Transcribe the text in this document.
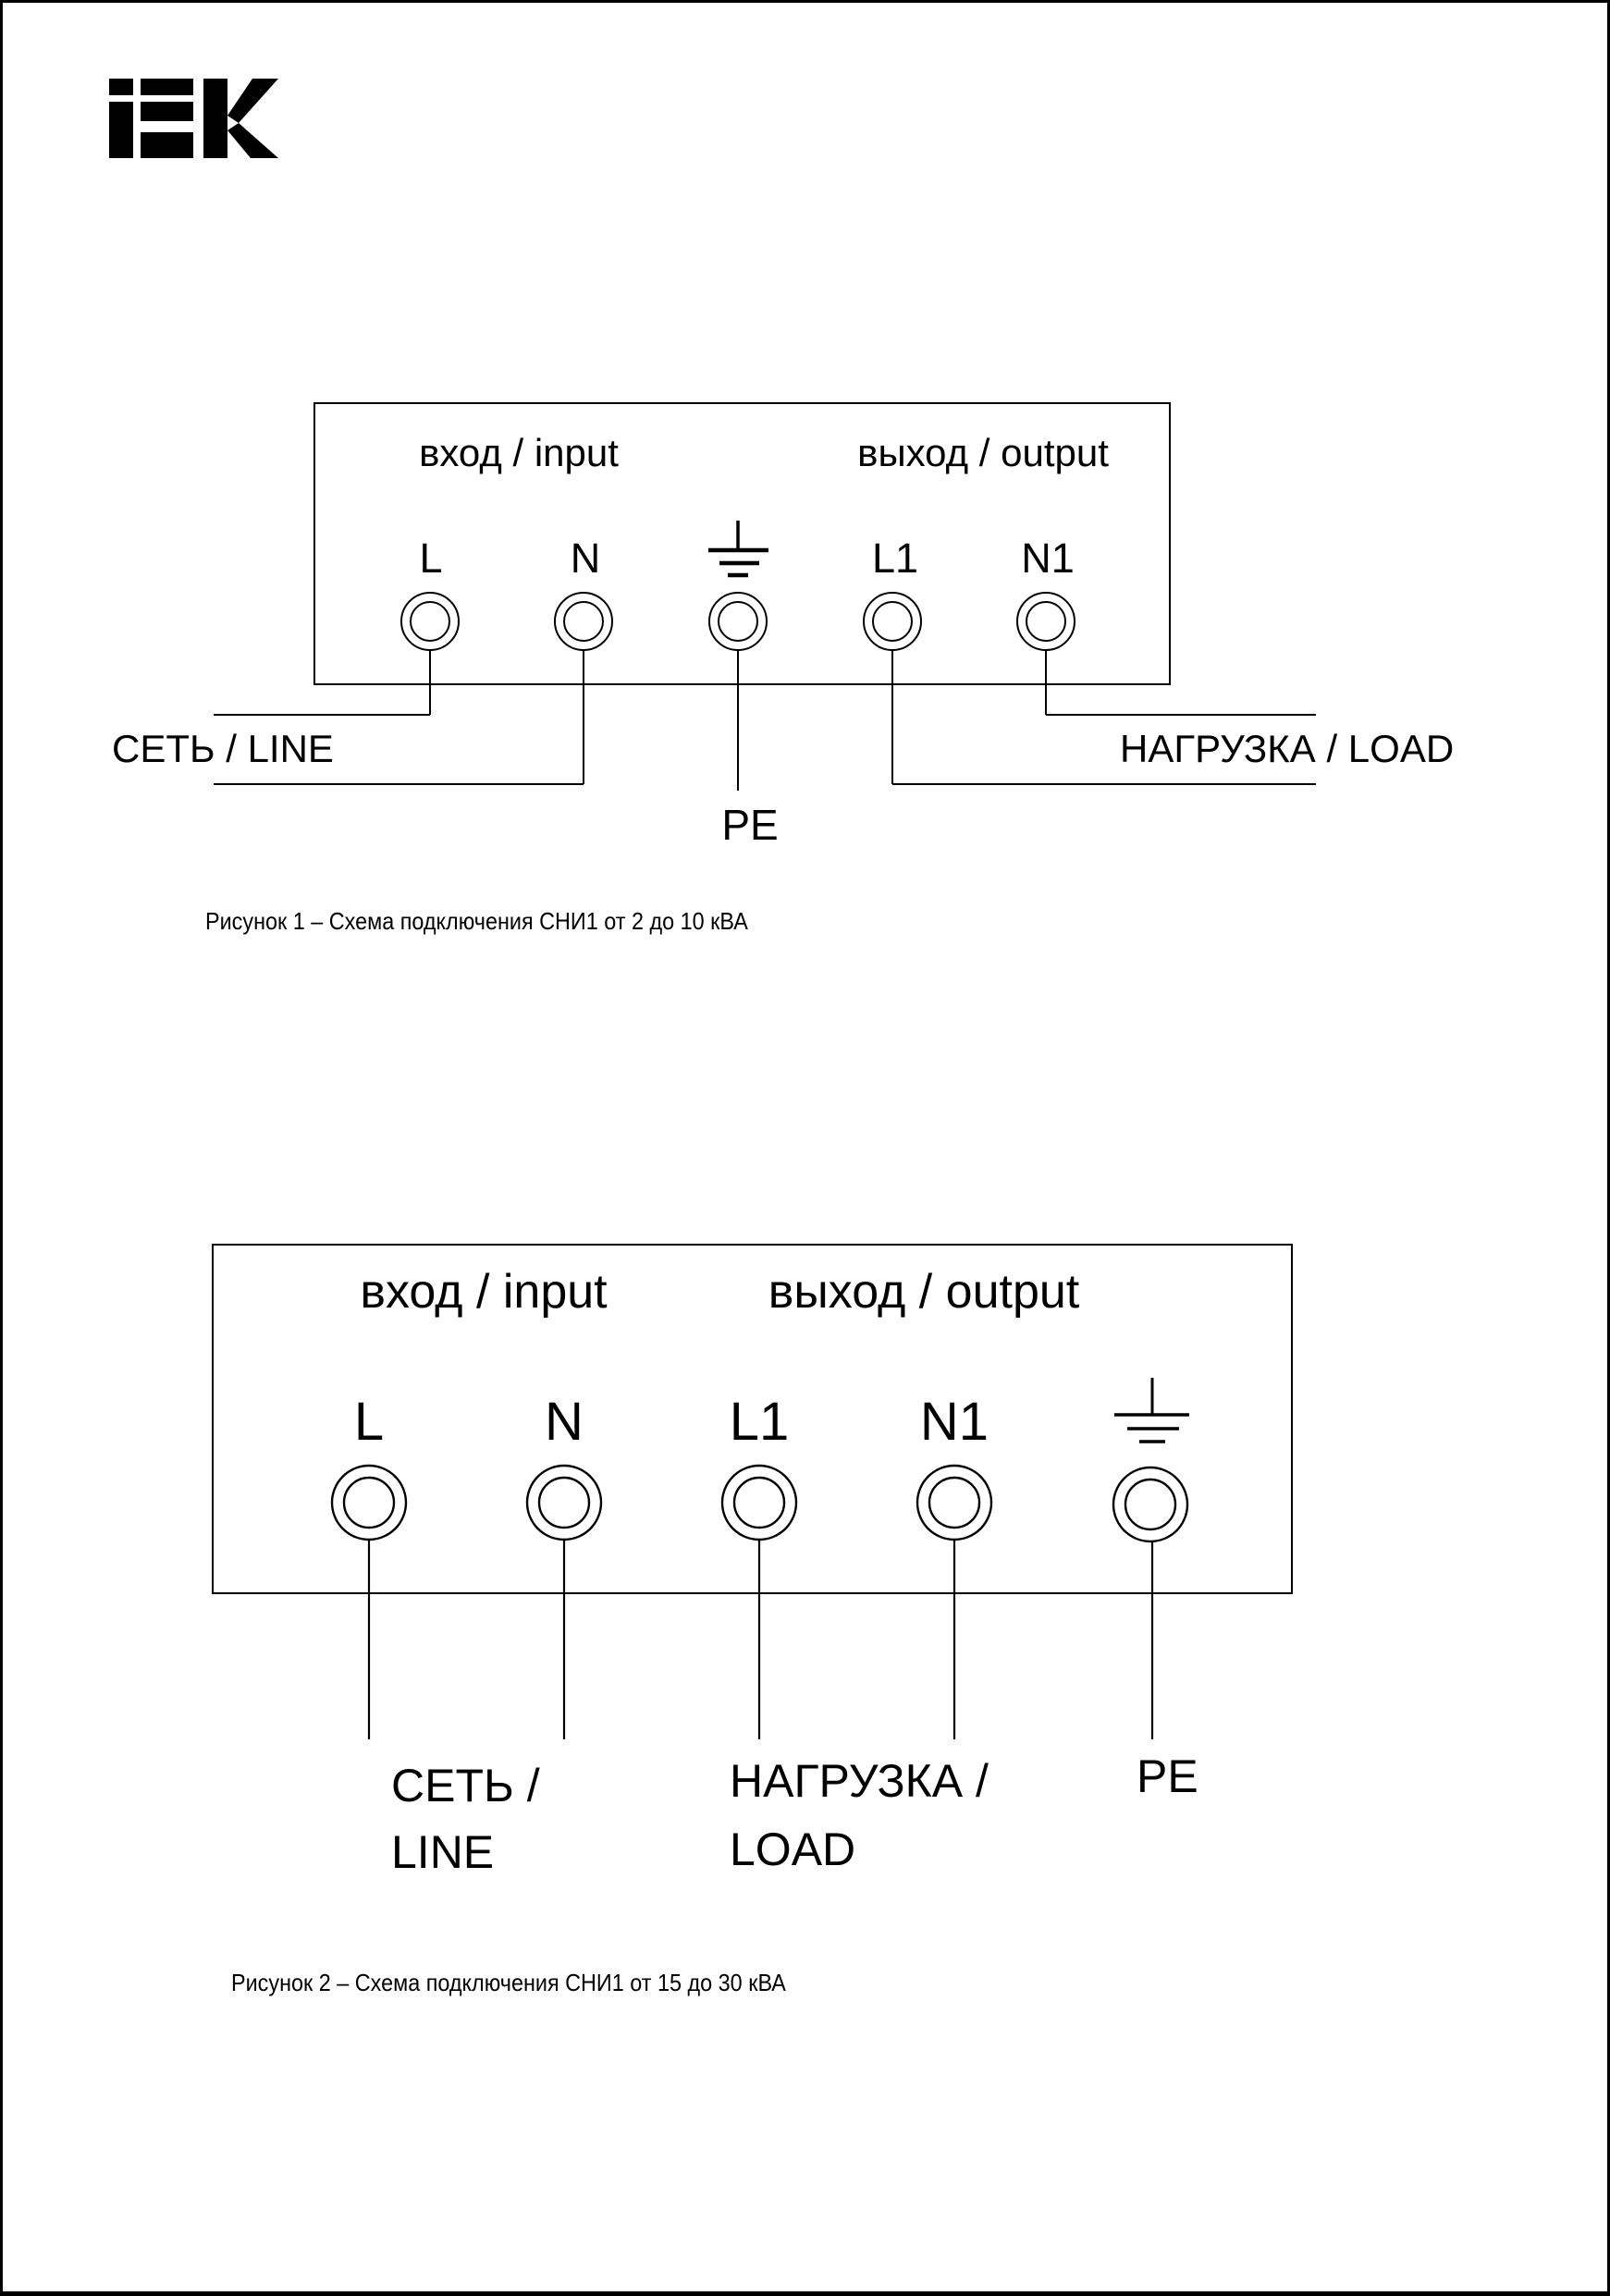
вход / input	выход / output
L	N	L1 N1
СЕТЬ / LINE	НАГРУЗКА / LOAD
PE
Рисунок 1 – Схема подключения СНИ1 от 2 до 10 кВА
вход / input	выход / output
L	N	L1 N1
СЕТЬ /
LINE
НАГРУЗКА /
LOAD
PE
Рисунок 2 – Схема подключения СНИ1 от 15 до 30 кВА
